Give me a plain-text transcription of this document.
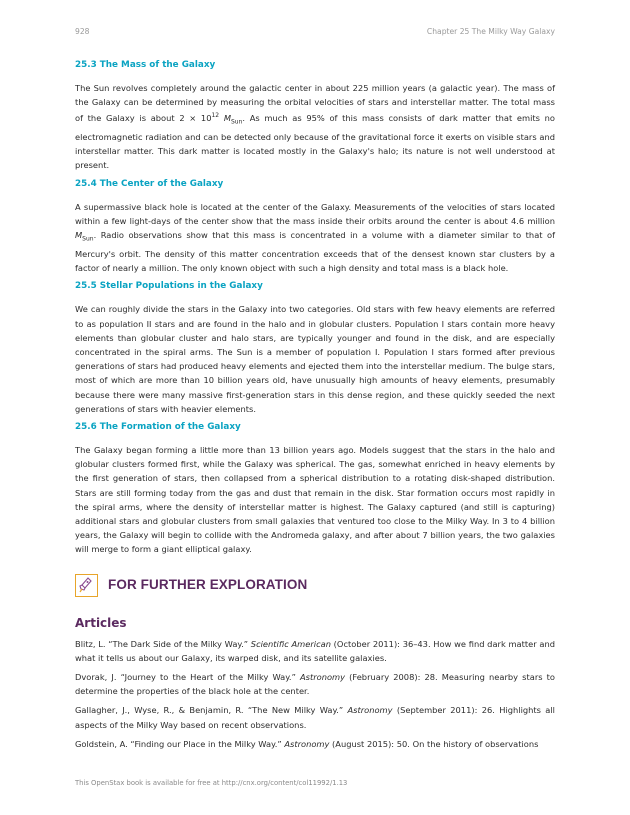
928	Chapter 25 The Milky Way Galaxy
25.3 The Mass of the Galaxy

The Sun revolves completely around the galactic center in about 225 million years (a galactic year). The mass of the Galaxy can be determined by measuring the orbital velocities of stars and interstellar matter. The total mass of the Galaxy is about $2 \times 10^{12}$ $M_{Sun}$. As much as 95% of this mass consists of dark matter that emits no electromagnetic radiation and can be detected only because of the gravitational force it exerts on visible stars and interstellar matter. This dark matter is located mostly in the Galaxy's halo; its nature is not well understood at present.

25.4 The Center of the Galaxy

A supermassive black hole is located at the center of the Galaxy. Measurements of the velocities of stars located within a few light-days of the center show that the mass inside their orbits around the center is about 4.6 million $M_{Sun}$. Radio observations show that this mass is concentrated in a volume with a diameter similar to that of Mercury's orbit. The density of this matter concentration exceeds that of the densest known star clusters by a factor of nearly a million. The only known object with such a high density and total mass is a black hole.

25.5 Stellar Populations in the Galaxy

We can roughly divide the stars in the Galaxy into two categories. Old stars with few heavy elements are referred to as population II stars and are found in the halo and in globular clusters. Population I stars contain more heavy elements than globular cluster and halo stars, are typically younger and found in the disk, and are especially concentrated in the spiral arms. The Sun is a member of population I. Population I stars formed after previous generations of stars had produced heavy elements and ejected them into the interstellar medium. The bulge stars, most of which are more than 10 billion years old, have unusually high amounts of heavy elements, presumably because there were many massive first-generation stars in this dense region, and these quickly seeded the next generations of stars with heavier elements.

25.6 The Formation of the Galaxy

The Galaxy began forming a little more than 13 billion years ago. Models suggest that the stars in the halo and globular clusters formed first, while the Galaxy was spherical. The gas, somewhat enriched in heavy elements by the first generation of stars, then collapsed from a spherical distribution to a rotating disk-shaped distribution. Stars are still forming today from the gas and dust that remain in the disk. Star formation occurs most rapidly in the spiral arms, where the density of interstellar matter is highest. The Galaxy captured (and still is capturing) additional stars and globular clusters from small galaxies that ventured too close to the Milky Way. In 3 to 4 billion years, the Galaxy will begin to collide with the Andromeda galaxy, and after about 7 billion years, the two galaxies will merge to form a giant elliptical galaxy.

FOR FURTHER EXPLORATION
Articles

Blitz, L. “The Dark Side of the Milky Way.” Scientific American (October 2011): 36–43. How we find dark matter and what it tells us about our Galaxy, its warped disk, and its satellite galaxies.

Dvorak, J. “Journey to the Heart of the Milky Way.” Astronomy (February 2008): 28. Measuring nearby stars to determine the properties of the black hole at the center.

Gallagher, J., Wyse, R., & Benjamin, R. “The New Milky Way.” Astronomy (September 2011): 26. Highlights all aspects of the Milky Way based on recent observations.

Goldstein, A. “Finding our Place in the Milky Way.” Astronomy (August 2015): 50. On the history of observations

This OpenStax book is available for free at http://cnx.org/content/col11992/1.13
